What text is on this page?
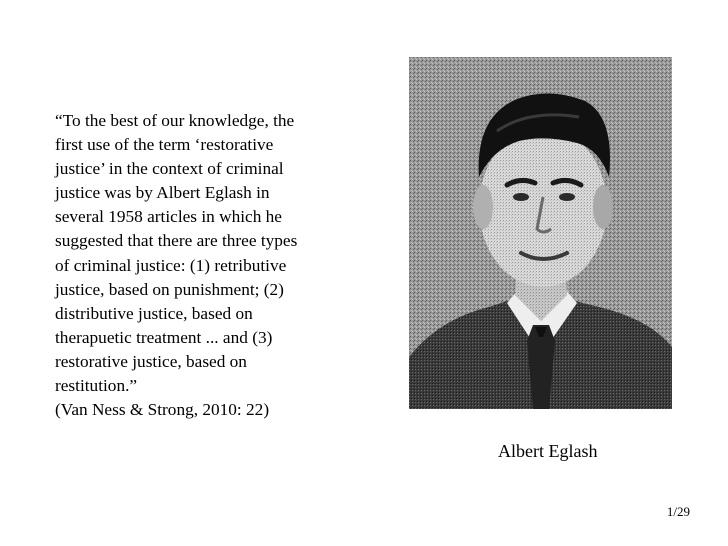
“To the best of our knowledge, the
first use of the term ‘restorative
justice’ in the context of criminal
justice was by Albert Eglash in
several 1958 articles in which he
suggested that there are three types
of criminal justice: (1) retributive
justice, based on punishment; (2)
distributive justice, based on
therapuetic treatment ... and (3)
restorative justice, based on
restitution.”
(Van Ness & Strong, 2010: 22)
Albert Eglash
1/29
